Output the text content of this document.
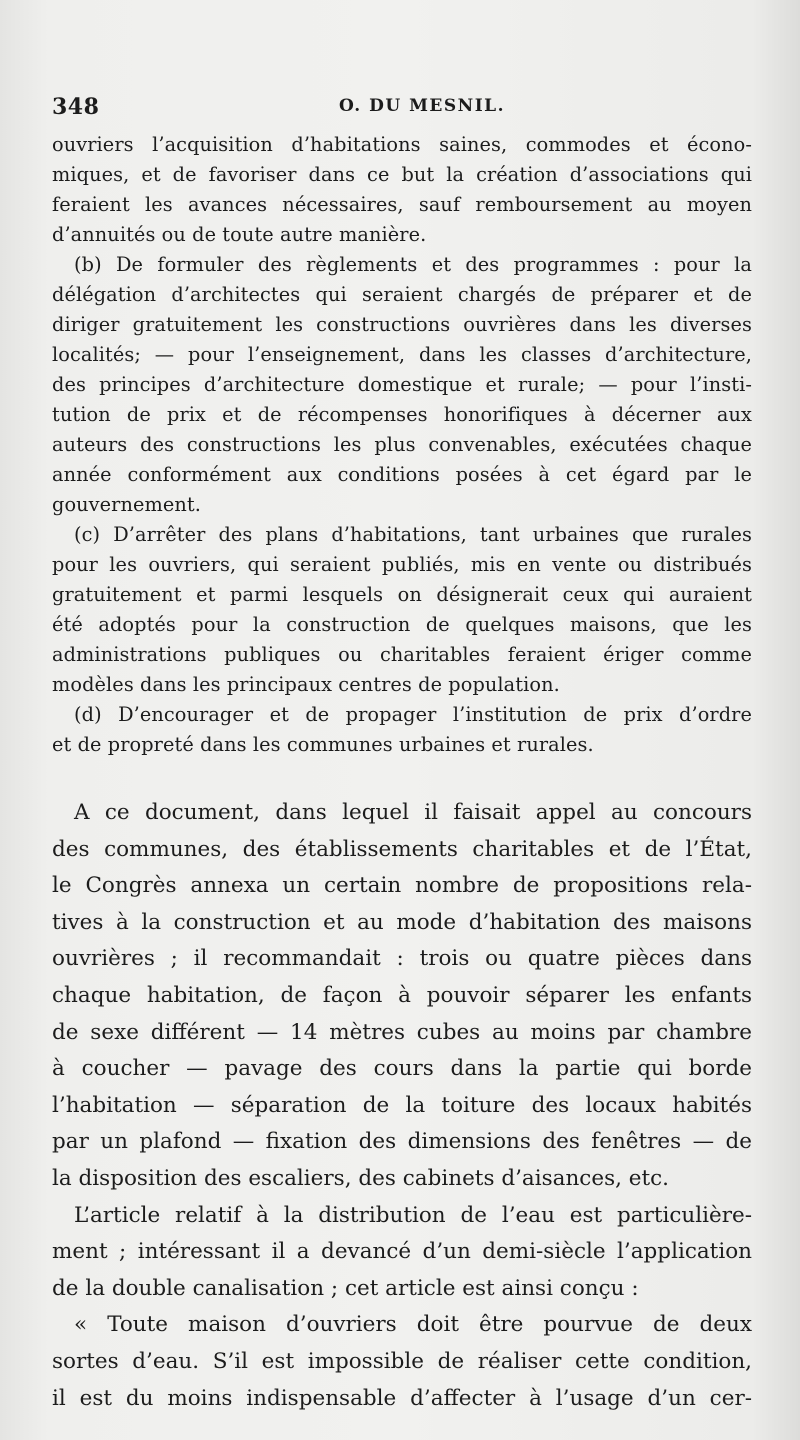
348	O. DU MESNIL.
ouvriers l’acquisition d’habitations saines, commodes et écono-
miques, et de favoriser dans ce but la création d’associations qui
feraient les avances nécessaires, sauf remboursement au moyen
d’annuités ou de toute autre manière.
(b) De formuler des règlements et des programmes : pour la
délégation d’architectes qui seraient chargés de préparer et de
diriger gratuitement les constructions ouvrières dans les diverses
localités; — pour l’enseignement, dans les classes d’architecture,
des principes d’architecture domestique et rurale; — pour l’insti-
tution de prix et de récompenses honorifiques à décerner aux
auteurs des constructions les plus convenables, exécutées chaque
année conformément aux conditions posées à cet égard par le
gouvernement.
(c) D’arrêter des plans d’habitations, tant urbaines que rurales
pour les ouvriers, qui seraient publiés, mis en vente ou distribués
gratuitement et parmi lesquels on désignerait ceux qui auraient
été adoptés pour la construction de quelques maisons, que les
administrations publiques ou charitables feraient ériger comme
modèles dans les principaux centres de population.
(d) D’encourager et de propager l’institution de prix d’ordre
et de propreté dans les communes urbaines et rurales.
A ce document, dans lequel il faisait appel au concours
des communes, des établissements charitables et de l’État,
le Congrès annexa un certain nombre de propositions rela-
tives à la construction et au mode d’habitation des maisons
ouvrières ; il recommandait : trois ou quatre pièces dans
chaque habitation, de façon à pouvoir séparer les enfants
de sexe différent — 14 mètres cubes au moins par chambre
à coucher — pavage des cours dans la partie qui borde
l’habitation — séparation de la toiture des locaux habités
par un plafond — fixation des dimensions des fenêtres — de
la disposition des escaliers, des cabinets d’aisances, etc.
L’article relatif à la distribution de l’eau est particulière-
ment ; intéressant il a devancé d’un demi-siècle l’application
de la double canalisation ; cet article est ainsi conçu :
« Toute maison d’ouvriers doit être pourvue de deux
sortes d’eau. S’il est impossible de réaliser cette condition,
il est du moins indispensable d’affecter à l’usage d’un cer-
